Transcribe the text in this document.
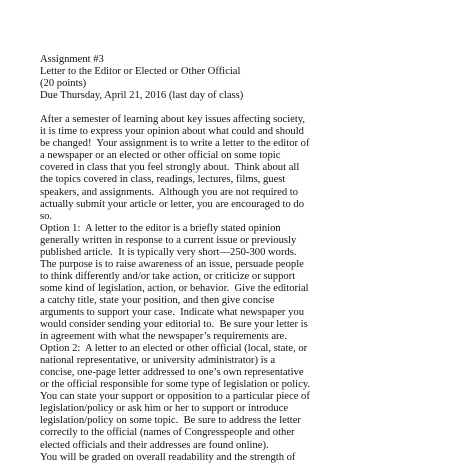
Assignment #3
Letter to the Editor or Elected or Other Official
(20 points)
Due Thursday, April 21, 2016 (last day of class)
After a semester of learning about key issues affecting society,
it is time to express your opinion about what could and should
be changed!  Your assignment is to write a letter to the editor of
a newspaper or an elected or other official on some topic
covered in class that you feel strongly about.  Think about all
the topics covered in class, readings, lectures, films, guest
speakers, and assignments.  Although you are not required to
actually submit your article or letter, you are encouraged to do
so.
Option 1:  A letter to the editor is a briefly stated opinion
generally written in response to a current issue or previously
published article.  It is typically very short—250-300 words.
The purpose is to raise awareness of an issue, persuade people
to think differently and/or take action, or criticize or support
some kind of legislation, action, or behavior.  Give the editorial
a catchy title, state your position, and then give concise
arguments to support your case.  Indicate what newspaper you
would consider sending your editorial to.  Be sure your letter is
in agreement with what the newspaper’s requirements are.
Option 2:  A letter to an elected or other official (local, state, or
national representative, or university administrator) is a
concise, one-page letter addressed to one’s own representative
or the official responsible for some type of legislation or policy.
You can state your support or opposition to a particular piece of
legislation/policy or ask him or her to support or introduce
legislation/policy on some topic.  Be sure to address the letter
correctly to the official (names of Congresspeople and other
elected officials and their addresses are found online).
You will be graded on overall readability and the strength of
